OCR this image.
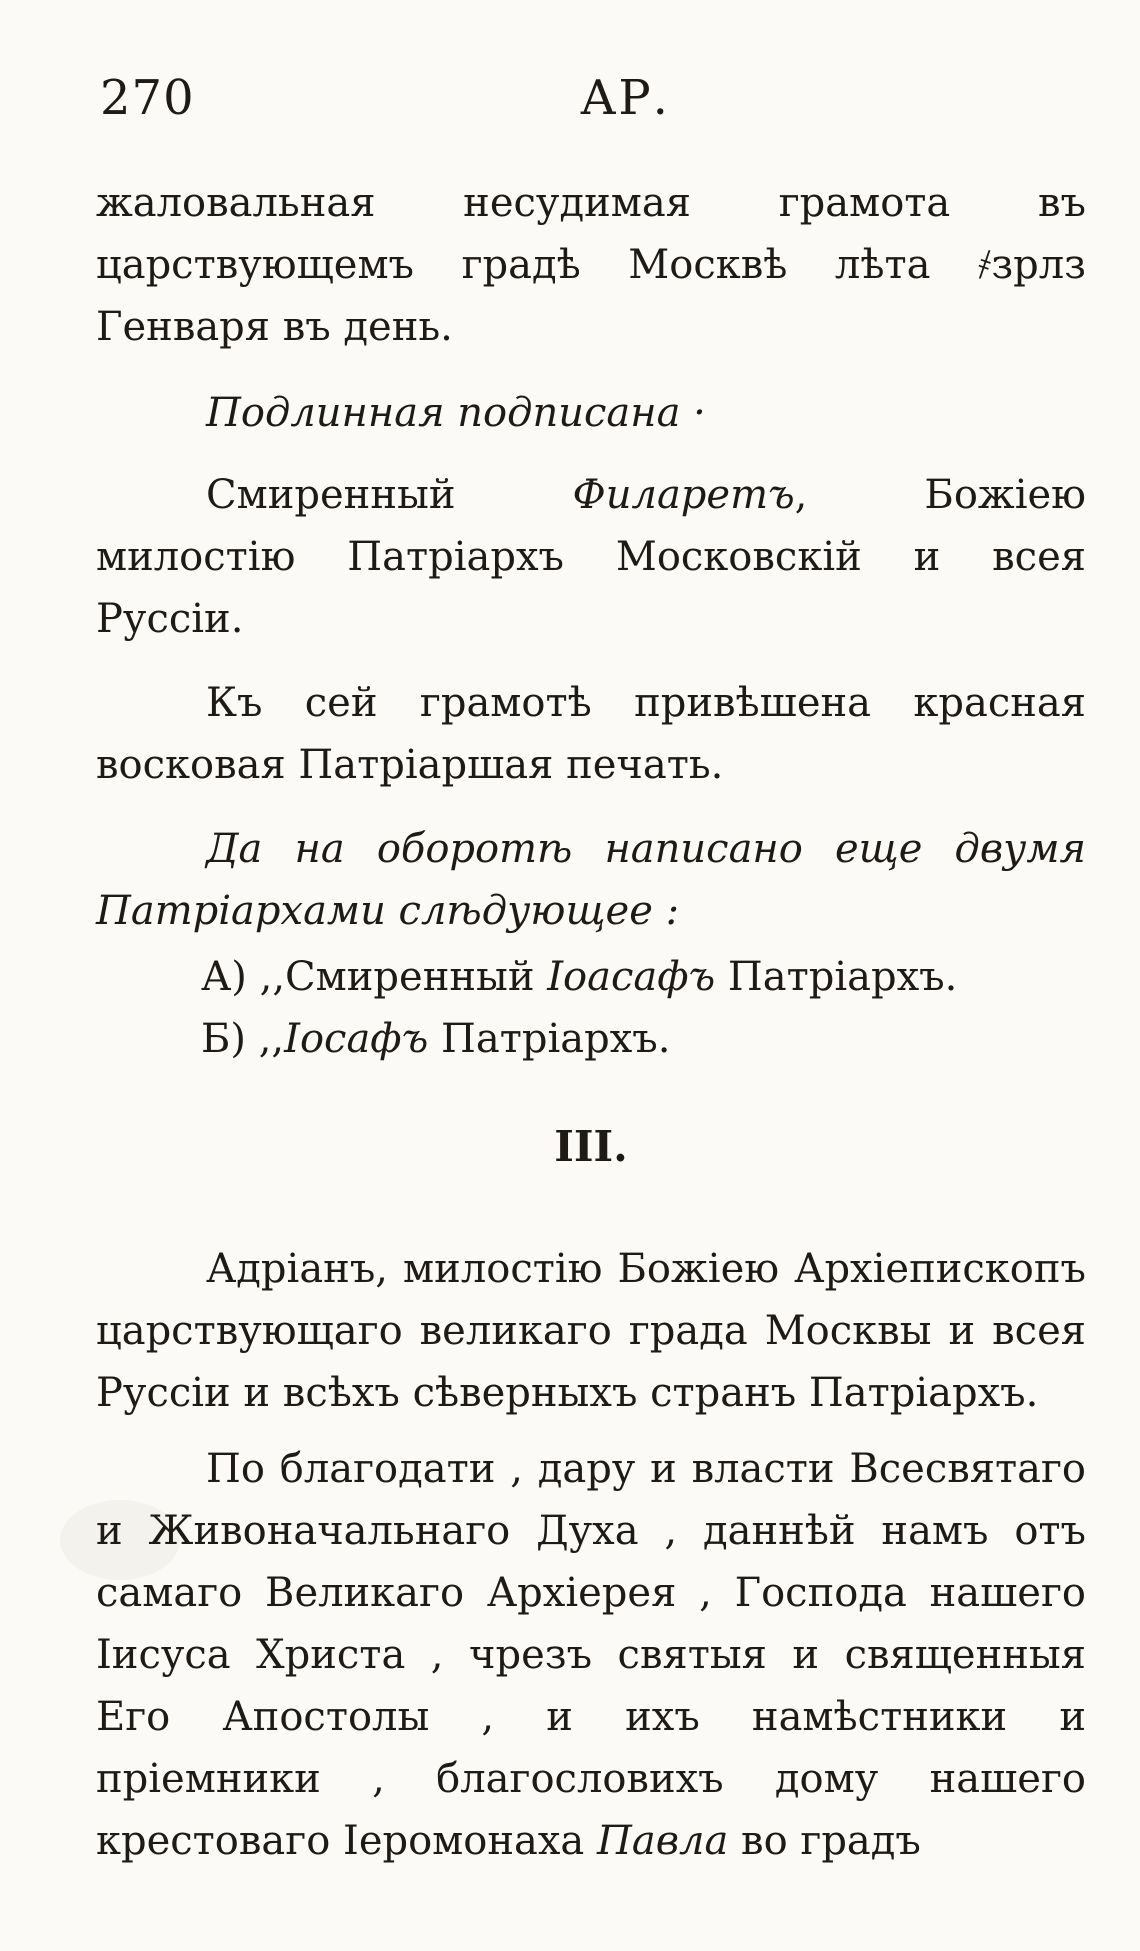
270	АР.

жаловальная несудимая грамота въ царствующемъ градѣ Москвѣ лѣта ҂зрлз Генваря въ день.

Подлинная подписана ·

Смиренный Филаретъ, Божіею милостію Патріархъ Московскій и всея Руссіи.

Къ сей грамотѣ привѣшена красная восковая Патріаршая печать.

Да на оборотѣ написано еще двумя Патріархами слѣдующее :

А) ,,Смиренный Іоасафъ Патріархъ.
Б) ,,Іосафъ Патріархъ.

III.

Адріанъ, милостію Божіею Архіепископъ царствующаго великаго града Москвы и всея Руссіи и всѣхъ сѣверныхъ странъ Патріархъ.

По благодати , дару и власти Всесвятаго и Живоначальнаго Духа , даннѣй намъ отъ самаго Великаго Архіерея , Господа нашего Іисуса Христа , чрезъ святыя и священныя Его Апостолы , и ихъ намѣстники и пріемники , благословихъ дому нашего крестоваго Іеромонаха Павла во градъ
